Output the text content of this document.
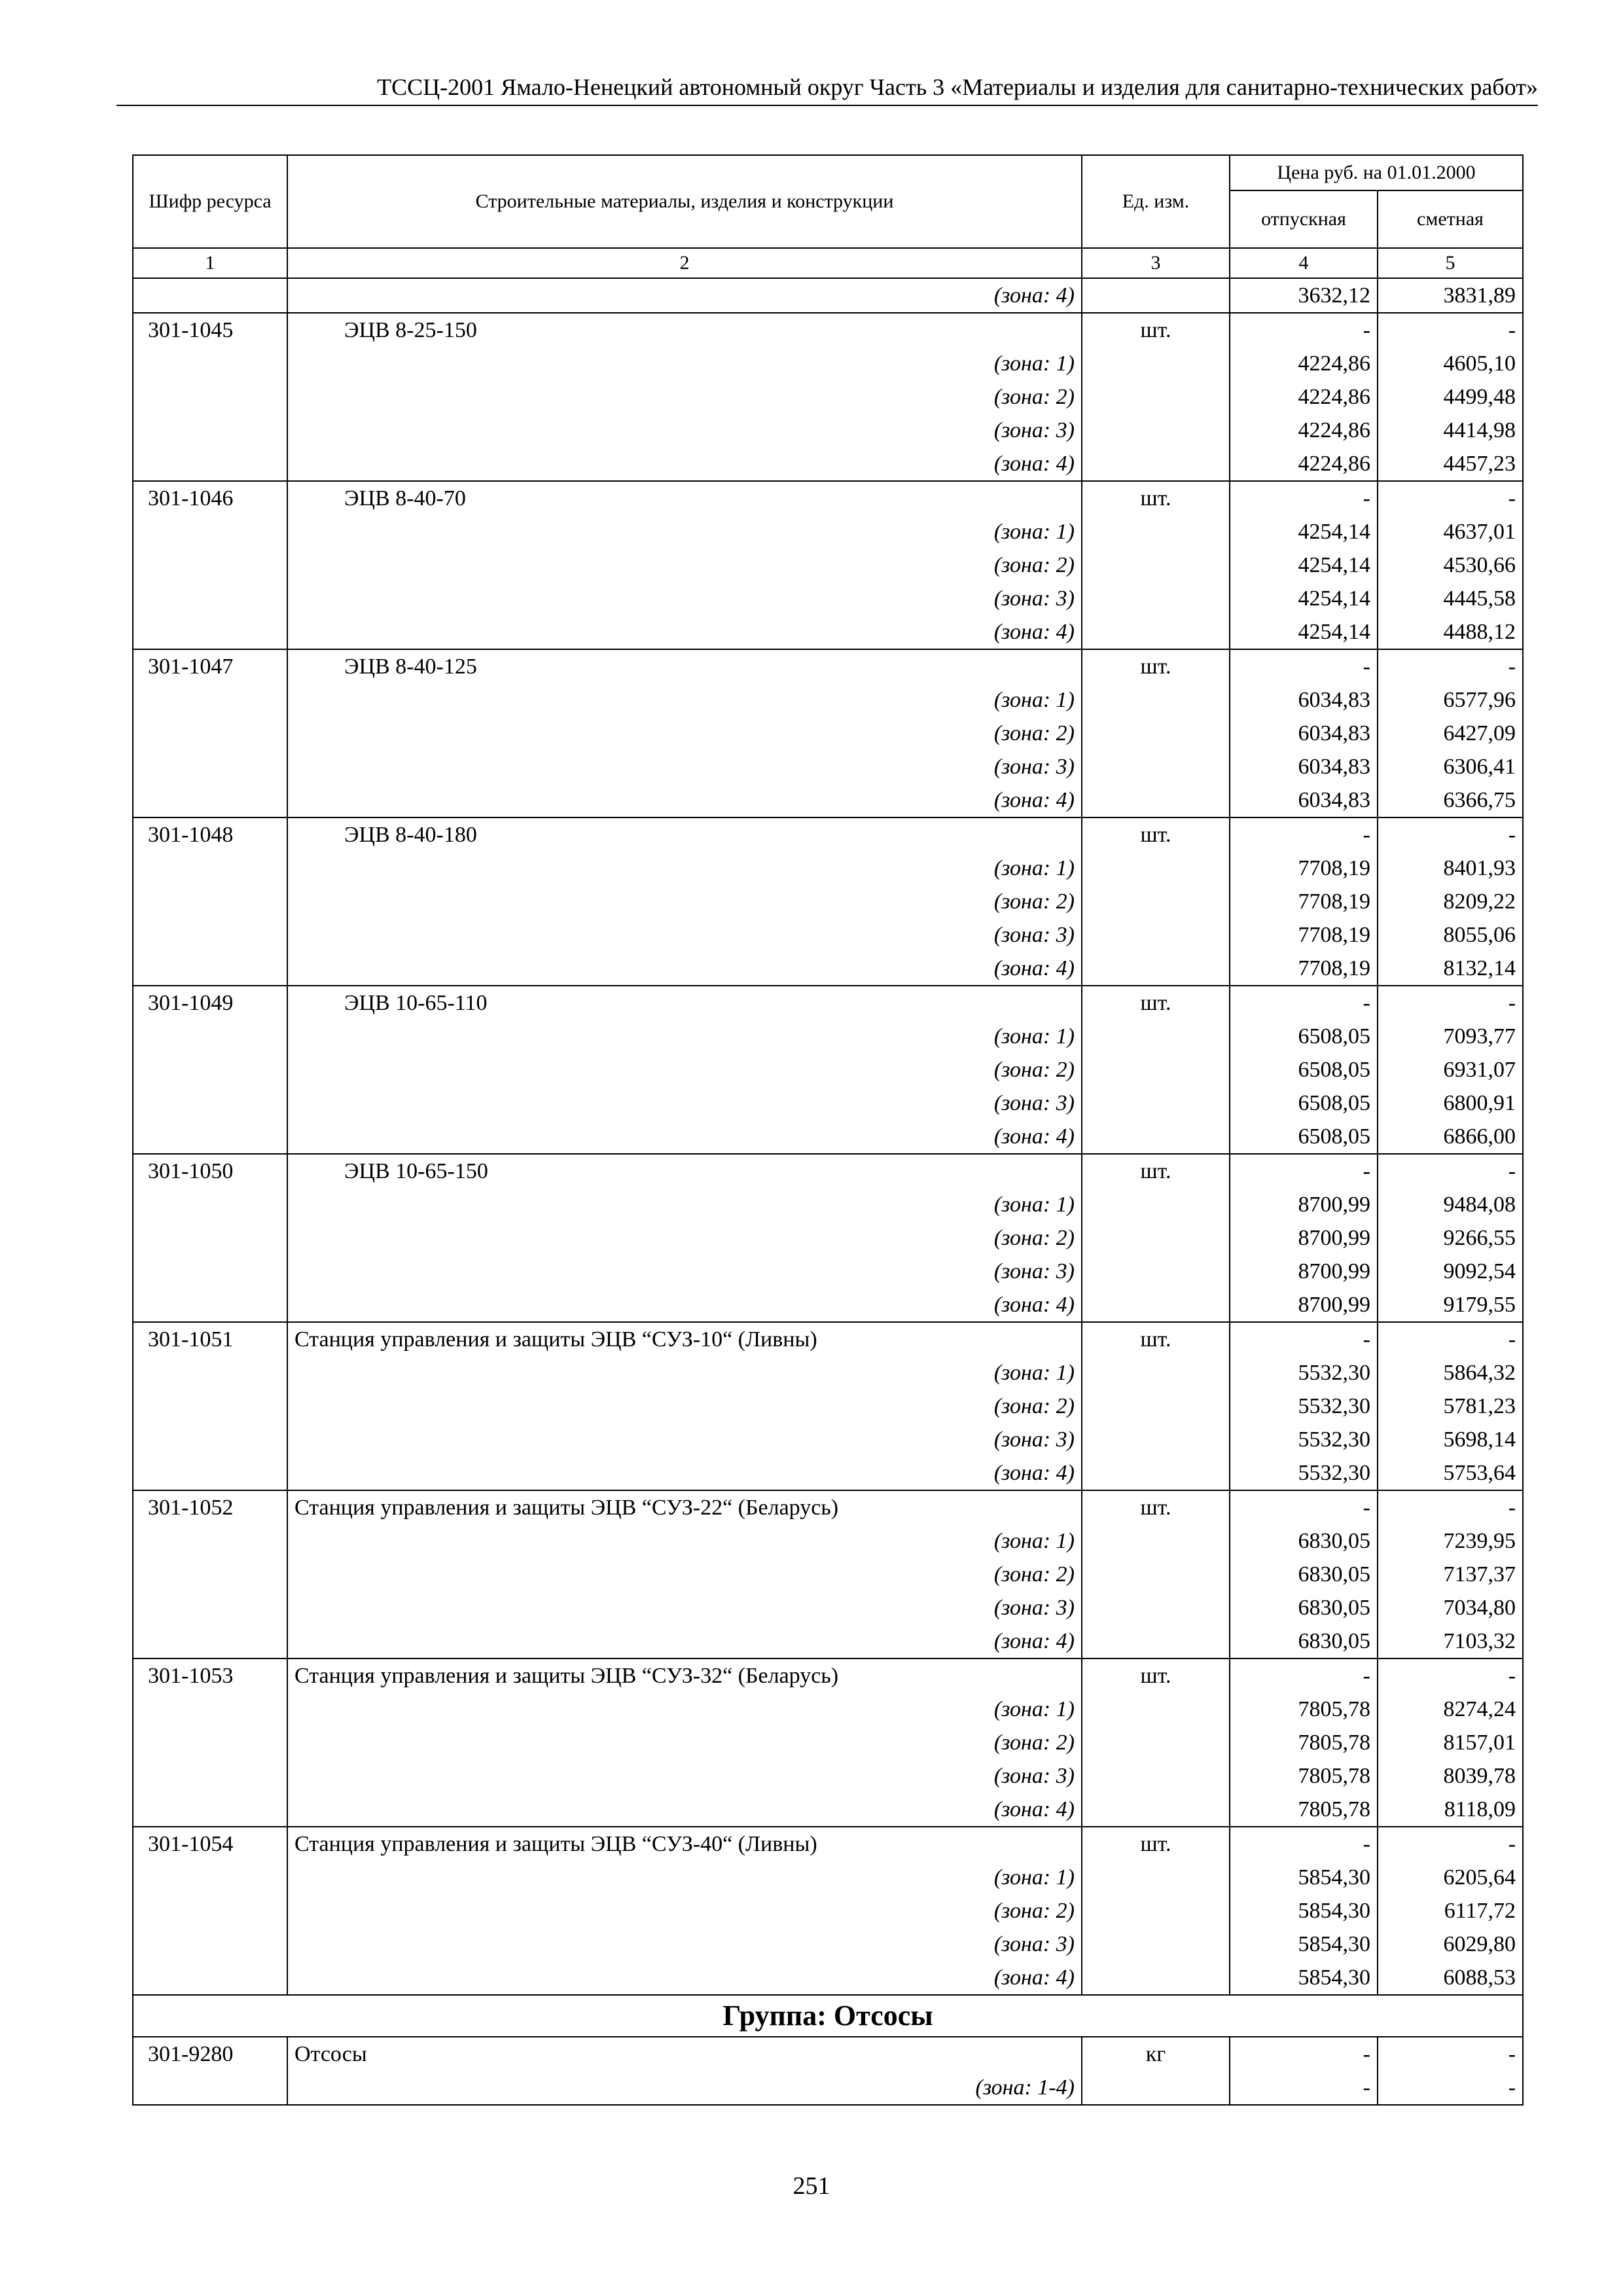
ТССЦ-2001 Ямало-Ненецкий автономный округ Часть 3 «Материалы и изделия для санитарно-технических работ»
Шифр ресурса	Строительные материалы, изделия и конструкции	Ед. изм.	Цена руб. на 01.01.2000	
			отпускная	сметная
1	2	3	4	5
	(зона: 4)		3632,12	3831,89
301-1045	ЭЦВ 8-25-150	шт.	-	-
	(зона: 1)		4224,86	4605,10
	(зона: 2)		4224,86	4499,48
	(зона: 3)		4224,86	4414,98
	(зона: 4)		4224,86	4457,23
301-1046	ЭЦВ 8-40-70	шт.	-	-
	(зона: 1)		4254,14	4637,01
	(зона: 2)		4254,14	4530,66
	(зона: 3)		4254,14	4445,58
	(зона: 4)		4254,14	4488,12
301-1047	ЭЦВ 8-40-125	шт.	-	-
	(зона: 1)		6034,83	6577,96
	(зона: 2)		6034,83	6427,09
	(зона: 3)		6034,83	6306,41
	(зона: 4)		6034,83	6366,75
301-1048	ЭЦВ 8-40-180	шт.	-	-
	(зона: 1)		7708,19	8401,93
	(зона: 2)		7708,19	8209,22
	(зона: 3)		7708,19	8055,06
	(зона: 4)		7708,19	8132,14
301-1049	ЭЦВ 10-65-110	шт.	-	-
	(зона: 1)		6508,05	7093,77
	(зона: 2)		6508,05	6931,07
	(зона: 3)		6508,05	6800,91
	(зона: 4)		6508,05	6866,00
301-1050	ЭЦВ 10-65-150	шт.	-	-
	(зона: 1)		8700,99	9484,08
	(зона: 2)		8700,99	9266,55
	(зона: 3)		8700,99	9092,54
	(зона: 4)		8700,99	9179,55
301-1051	Станция управления и защиты ЭЦВ “СУЗ-10“ (Ливны)	шт.	-	-
	(зона: 1)		5532,30	5864,32
	(зона: 2)		5532,30	5781,23
	(зона: 3)		5532,30	5698,14
	(зона: 4)		5532,30	5753,64
301-1052	Станция управления и защиты ЭЦВ “СУЗ-22“ (Беларусь)	шт.	-	-
	(зона: 1)		6830,05	7239,95
	(зона: 2)		6830,05	7137,37
	(зона: 3)		6830,05	7034,80
	(зона: 4)		6830,05	7103,32
301-1053	Станция управления и защиты ЭЦВ “СУЗ-32“ (Беларусь)	шт.	-	-
	(зона: 1)		7805,78	8274,24
	(зона: 2)		7805,78	8157,01
	(зона: 3)		7805,78	8039,78
	(зона: 4)		7805,78	8118,09
301-1054	Станция управления и защиты ЭЦВ “СУЗ-40“ (Ливны)	шт.	-	-
	(зона: 1)		5854,30	6205,64
	(зона: 2)		5854,30	6117,72
	(зона: 3)		5854,30	6029,80
	(зона: 4)		5854,30	6088,53
Группа: Отсосы				
301-9280	Отсосы	кг	-	-
	(зона: 1-4)		-	-
251
